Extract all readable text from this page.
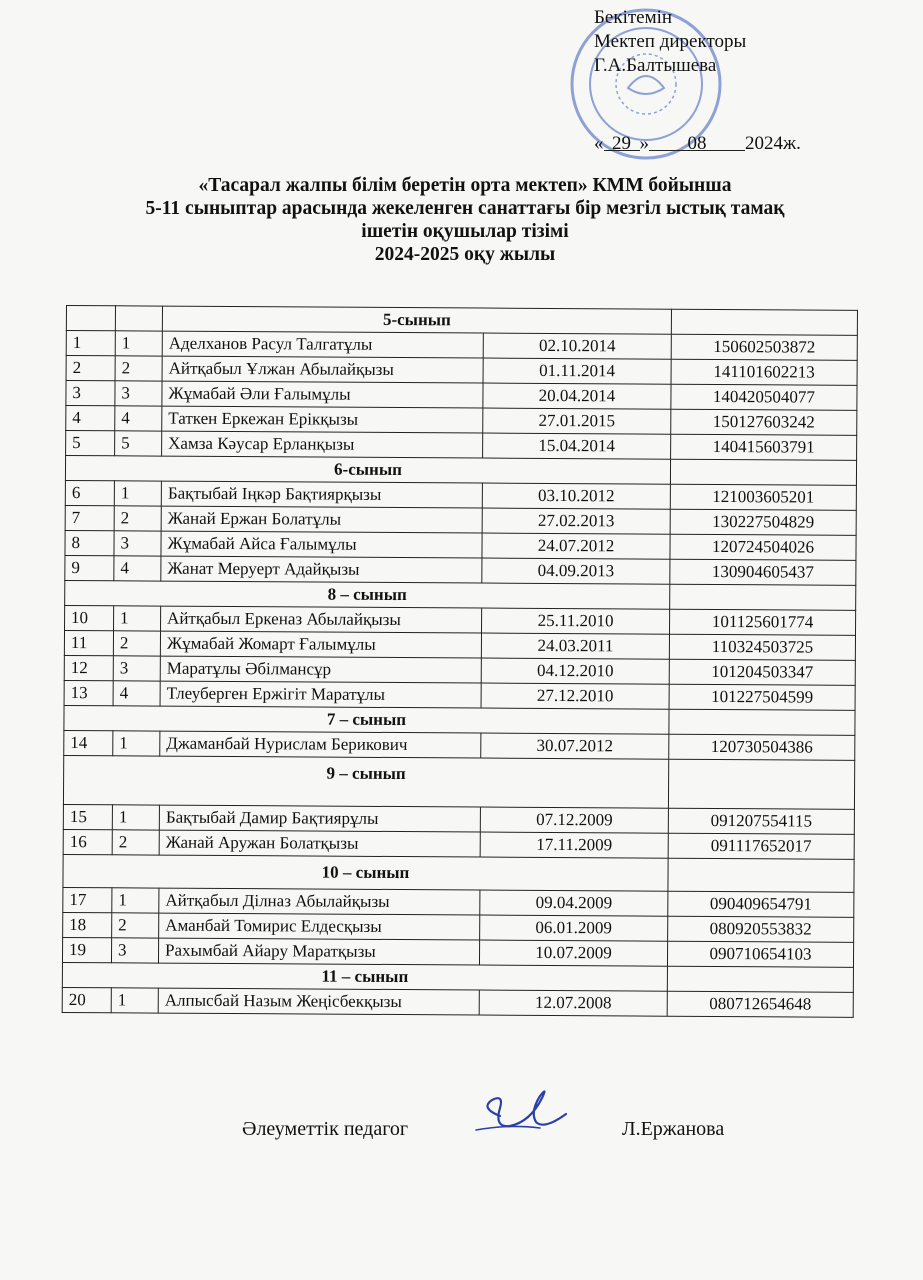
Бекітемін
Мектеп директоры
Г.А.Балтышева
« 29 » 08 2024ж.
«Тасарал жалпы білім беретін орта мектеп» КММ бойынша
5-11 сыныптар арасында жекеленген санаттағы бір мезгіл ыстық тамақ
ішетін оқушылар тізімі
2024-2025 оқу жылы
		5-сынып		
1	1	Аделханов Расул Талгатұлы	02.10.2014	150602503872
2	2	Айтқабыл Ұлжан Абылайқызы	01.11.2014	141101602213
3	3	Жұмабай Әли Ғалымұлы	20.04.2014	140420504077
4	4	Таткен Еркежан Ерікқызы	27.01.2015	150127603242
5	5	Хамза Кәусар Ерланқызы	15.04.2014	140415603791
6-сынып				
6	1	Бақтыбай Іңкәр Бақтиярқызы	03.10.2012	121003605201
7	2	Жанай Ержан Болатұлы	27.02.2013	130227504829
8	3	Жұмабай Айса Ғалымұлы	24.07.2012	120724504026
9	4	Жанат Меруерт Адайқызы	04.09.2013	130904605437
8 – сынып				
10	1	Айтқабыл Еркеназ Абылайқызы	25.11.2010	101125601774
11	2	Жұмабай Жомарт Ғалымұлы	24.03.2011	110324503725
12	3	Маратұлы Әбілмансұр	04.12.2010	101204503347
13	4	Тлеуберген Ержігіт Маратұлы	27.12.2010	101227504599
7 – сынып				
14	1	Джаманбай Нурислам Берикович	30.07.2012	120730504386
9 – сынып				
15	1	Бақтыбай Дамир Бақтиярұлы	07.12.2009	091207554115
16	2	Жанай Аружан Болатқызы	17.11.2009	091117652017
10 – сынып				
17	1	Айтқабыл Ділназ Абылайқызы	09.04.2009	090409654791
18	2	Аманбай Томирис Елдесқызы	06.01.2009	080920553832
19	3	Рахымбай Айару Маратқызы	10.07.2009	090710654103
11 – сынып				
20	1	Алпысбай Назым Жеңісбекқызы	12.07.2008	080712654648
Әлеуметтік педагог	Л.Ержанова
